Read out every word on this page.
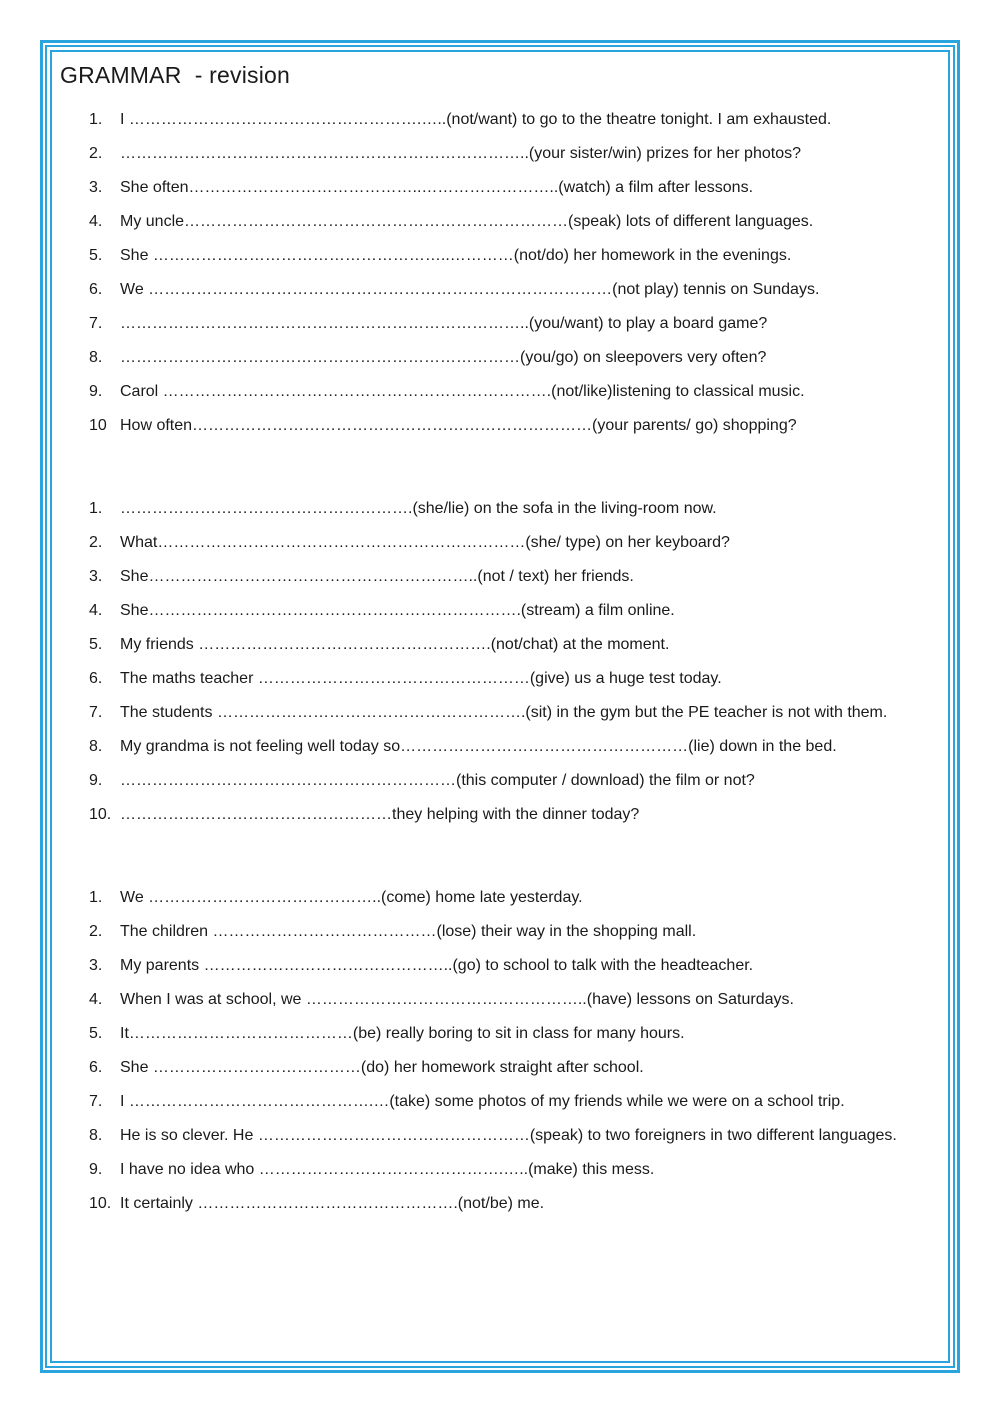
GRAMMAR  - revision
1. I ……………………………………………….…..(not/want) to go to the theatre tonight. I am exhausted.
2. …………………………………………………………………..(your sister/win) prizes for her photos?
3. She often……………………………………..……………………..(watch) a film after lessons.
4. My uncle………………………………………………………………(speak) lots of different languages.
5. She ………………………………………………..…………(not/do) her homework in the evenings.
6. We ……………………………………………………………………………(not play) tennis on Sundays.
7. …………………………………………………………………..(you/want) to play a board game?
8. …………………………………………………………………(you/go) on sleepovers very often?
9. Carol ……………………………………………………………….(not/like)listening to classical music.
10 How often…………………………………………………………………(your parents/ go) shopping?
1. ……………………………………………….(she/lie) on the sofa in the living-room now.
2. What……………………………………………………………(she/ type) on her keyboard?
3. She……………………………………………………..(not / text) her friends.
4. She…………………………………………………………….(stream) a film online.
5. My friends ……………………………………………….(not/chat) at the moment.
6. The maths teacher ……………………………………………(give) us a huge test today.
7. The students ………………………………………………….(sit) in the gym but the PE teacher is not with them.
8. My grandma is not feeling well today so………………………………………………(lie) down in the bed.
9. ………………………………………………………(this computer / download) the film or not?
10. ……………………………………………they helping with the dinner today?
1. We ……………………………………..(come) home late yesterday.
2. The children ……………………………………(lose) their way in the shopping mall.
3. My parents ………………………………………..(go) to school to talk with the headteacher.
4. When I was at school, we ……………………………………………..(have) lessons on Saturdays.
5. It……………………………………(be) really boring to sit in class for many hours.
6. She …………………………………(do) her homework straight after school.
7. I ……………………………………….…(take) some photos of my friends while we were on a school trip.
8. He is so clever. He ……………………………………………(speak) to two foreigners in two different languages.
9. I have no idea who ……………………………………….…..(make) this mess.
10. It certainly ………………………………………….(not/be) me.
